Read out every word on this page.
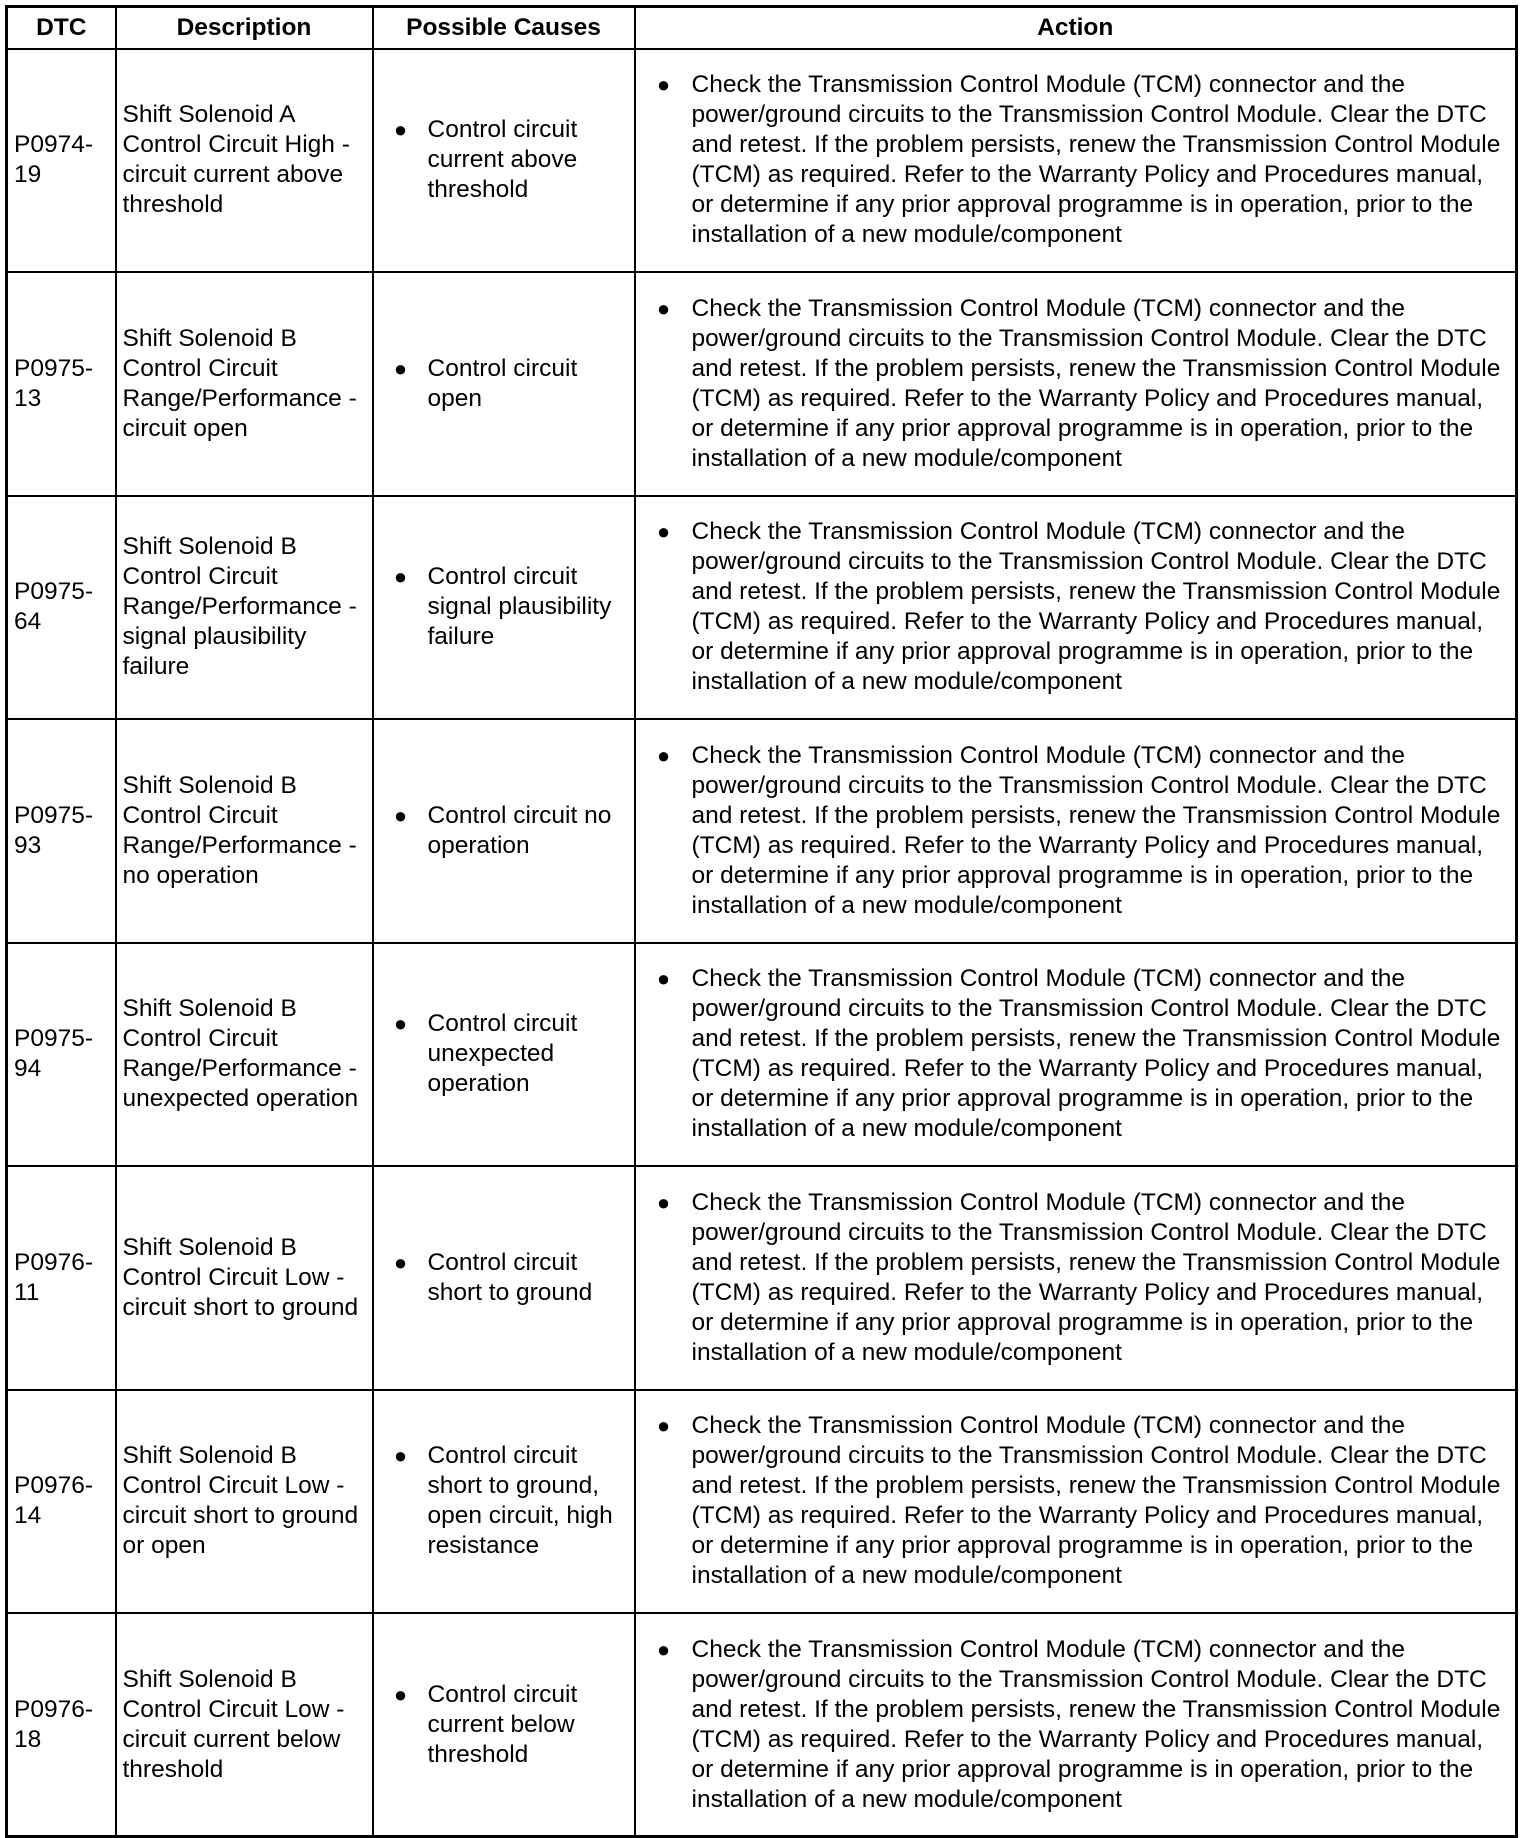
DTC	Description	Possible Causes	Action
P0974-19	Shift Solenoid A Control Circuit High - circuit current above threshold	● Control circuit current above threshold	● Check the Transmission Control Module (TCM) connector and the power/ground circuits to the Transmission Control Module. Clear the DTC and retest. If the problem persists, renew the Transmission Control Module (TCM) as required. Refer to the Warranty Policy and Procedures manual, or determine if any prior approval programme is in operation, prior to the installation of a new module/component

P0975-13	Shift Solenoid B Control Circuit Range/Performance - circuit open	● Control circuit open	● Check the Transmission Control Module (TCM) connector and the power/ground circuits to the Transmission Control Module. Clear the DTC and retest. If the problem persists, renew the Transmission Control Module (TCM) as required. Refer to the Warranty Policy and Procedures manual, or determine if any prior approval programme is in operation, prior to the installation of a new module/component

P0975-64	Shift Solenoid B Control Circuit Range/Performance - signal plausibility failure	● Control circuit signal plausibility failure	● Check the Transmission Control Module (TCM) connector and the power/ground circuits to the Transmission Control Module. Clear the DTC and retest. If the problem persists, renew the Transmission Control Module (TCM) as required. Refer to the Warranty Policy and Procedures manual, or determine if any prior approval programme is in operation, prior to the installation of a new module/component

P0975-93	Shift Solenoid B Control Circuit Range/Performance - no operation	● Control circuit no operation	● Check the Transmission Control Module (TCM) connector and the power/ground circuits to the Transmission Control Module. Clear the DTC and retest. If the problem persists, renew the Transmission Control Module (TCM) as required. Refer to the Warranty Policy and Procedures manual, or determine if any prior approval programme is in operation, prior to the installation of a new module/component

P0975-94	Shift Solenoid B Control Circuit Range/Performance - unexpected operation	● Control circuit unexpected operation	● Check the Transmission Control Module (TCM) connector and the power/ground circuits to the Transmission Control Module. Clear the DTC and retest. If the problem persists, renew the Transmission Control Module (TCM) as required. Refer to the Warranty Policy and Procedures manual, or determine if any prior approval programme is in operation, prior to the installation of a new module/component

P0976-11	Shift Solenoid B Control Circuit Low - circuit short to ground	● Control circuit short to ground	● Check the Transmission Control Module (TCM) connector and the power/ground circuits to the Transmission Control Module. Clear the DTC and retest. If the problem persists, renew the Transmission Control Module (TCM) as required. Refer to the Warranty Policy and Procedures manual, or determine if any prior approval programme is in operation, prior to the installation of a new module/component

P0976-14	Shift Solenoid B Control Circuit Low - circuit short to ground or open	● Control circuit short to ground, open circuit, high resistance	● Check the Transmission Control Module (TCM) connector and the power/ground circuits to the Transmission Control Module. Clear the DTC and retest. If the problem persists, renew the Transmission Control Module (TCM) as required. Refer to the Warranty Policy and Procedures manual, or determine if any prior approval programme is in operation, prior to the installation of a new module/component

P0976-18	Shift Solenoid B Control Circuit Low - circuit current below threshold	● Control circuit current below threshold	● Check the Transmission Control Module (TCM) connector and the power/ground circuits to the Transmission Control Module. Clear the DTC and retest. If the problem persists, renew the Transmission Control Module (TCM) as required. Refer to the Warranty Policy and Procedures manual, or determine if any prior approval programme is in operation, prior to the installation of a new module/component
